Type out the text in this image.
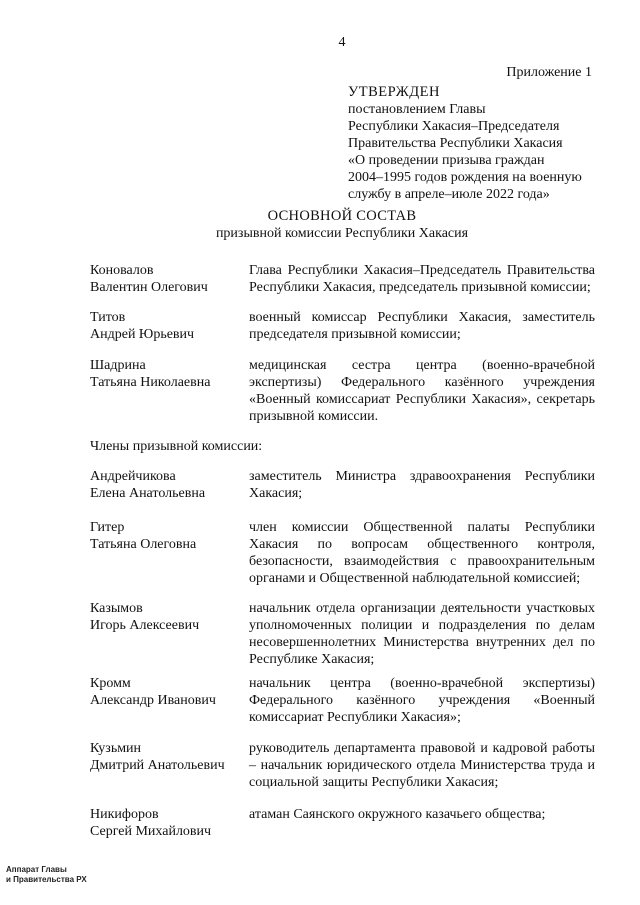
4
Приложение 1
УТВЕРЖДЕН
постановлением Главы
Республики Хакасия–Председателя
Правительства Республики Хакасия
«О проведении призыва граждан
2004–1995 годов рождения на военную
службу в апреле–июле 2022 года»
ОСНОВНОЙ СОСТАВ
призывной комиссии Республики Хакасия
Коновалов
Валентин Олегович
Глава Республики Хакасия–Председатель Правительства Республики Хакасия, председатель призывной комиссии;
Титов
Андрей Юрьевич
военный комиссар Республики Хакасия, заместитель председателя призывной комиссии;
Шадрина
Татьяна Николаевна
медицинская сестра центра (военно-врачебной экспертизы) Федерального казённого учреждения «Военный комиссариат Республики Хакасия», секретарь призывной комиссии.
Члены призывной комиссии:
Андрейчикова
Елена Анатольевна
заместитель Министра здравоохранения Республики Хакасия;
Гитер
Татьяна Олеговна
член комиссии Общественной палаты Республики Хакасия по вопросам общественного контроля, безопасности, взаимодействия с правоохранительным органами и Общественной наблюдательной комиссией;
Казымов
Игорь Алексеевич
начальник отдела организации деятельности участковых уполномоченных полиции и подразделения по делам несовершеннолетних Министерства внутренних дел по Республике Хакасия;
Кромм
Александр Иванович
начальник центра (военно-врачебной экспертизы) Федерального казённого учреждения «Военный комиссариат Республики Хакасия»;
Кузьмин
Дмитрий Анатольевич
руководитель департамента правовой и кадровой работы – начальник юридического отдела Министерства труда и социальной защиты Республики Хакасия;
Никифоров
Сергей Михайлович
атаман Саянского окружного казачьего общества;
Аппарат Главы
и Правительства РХ
